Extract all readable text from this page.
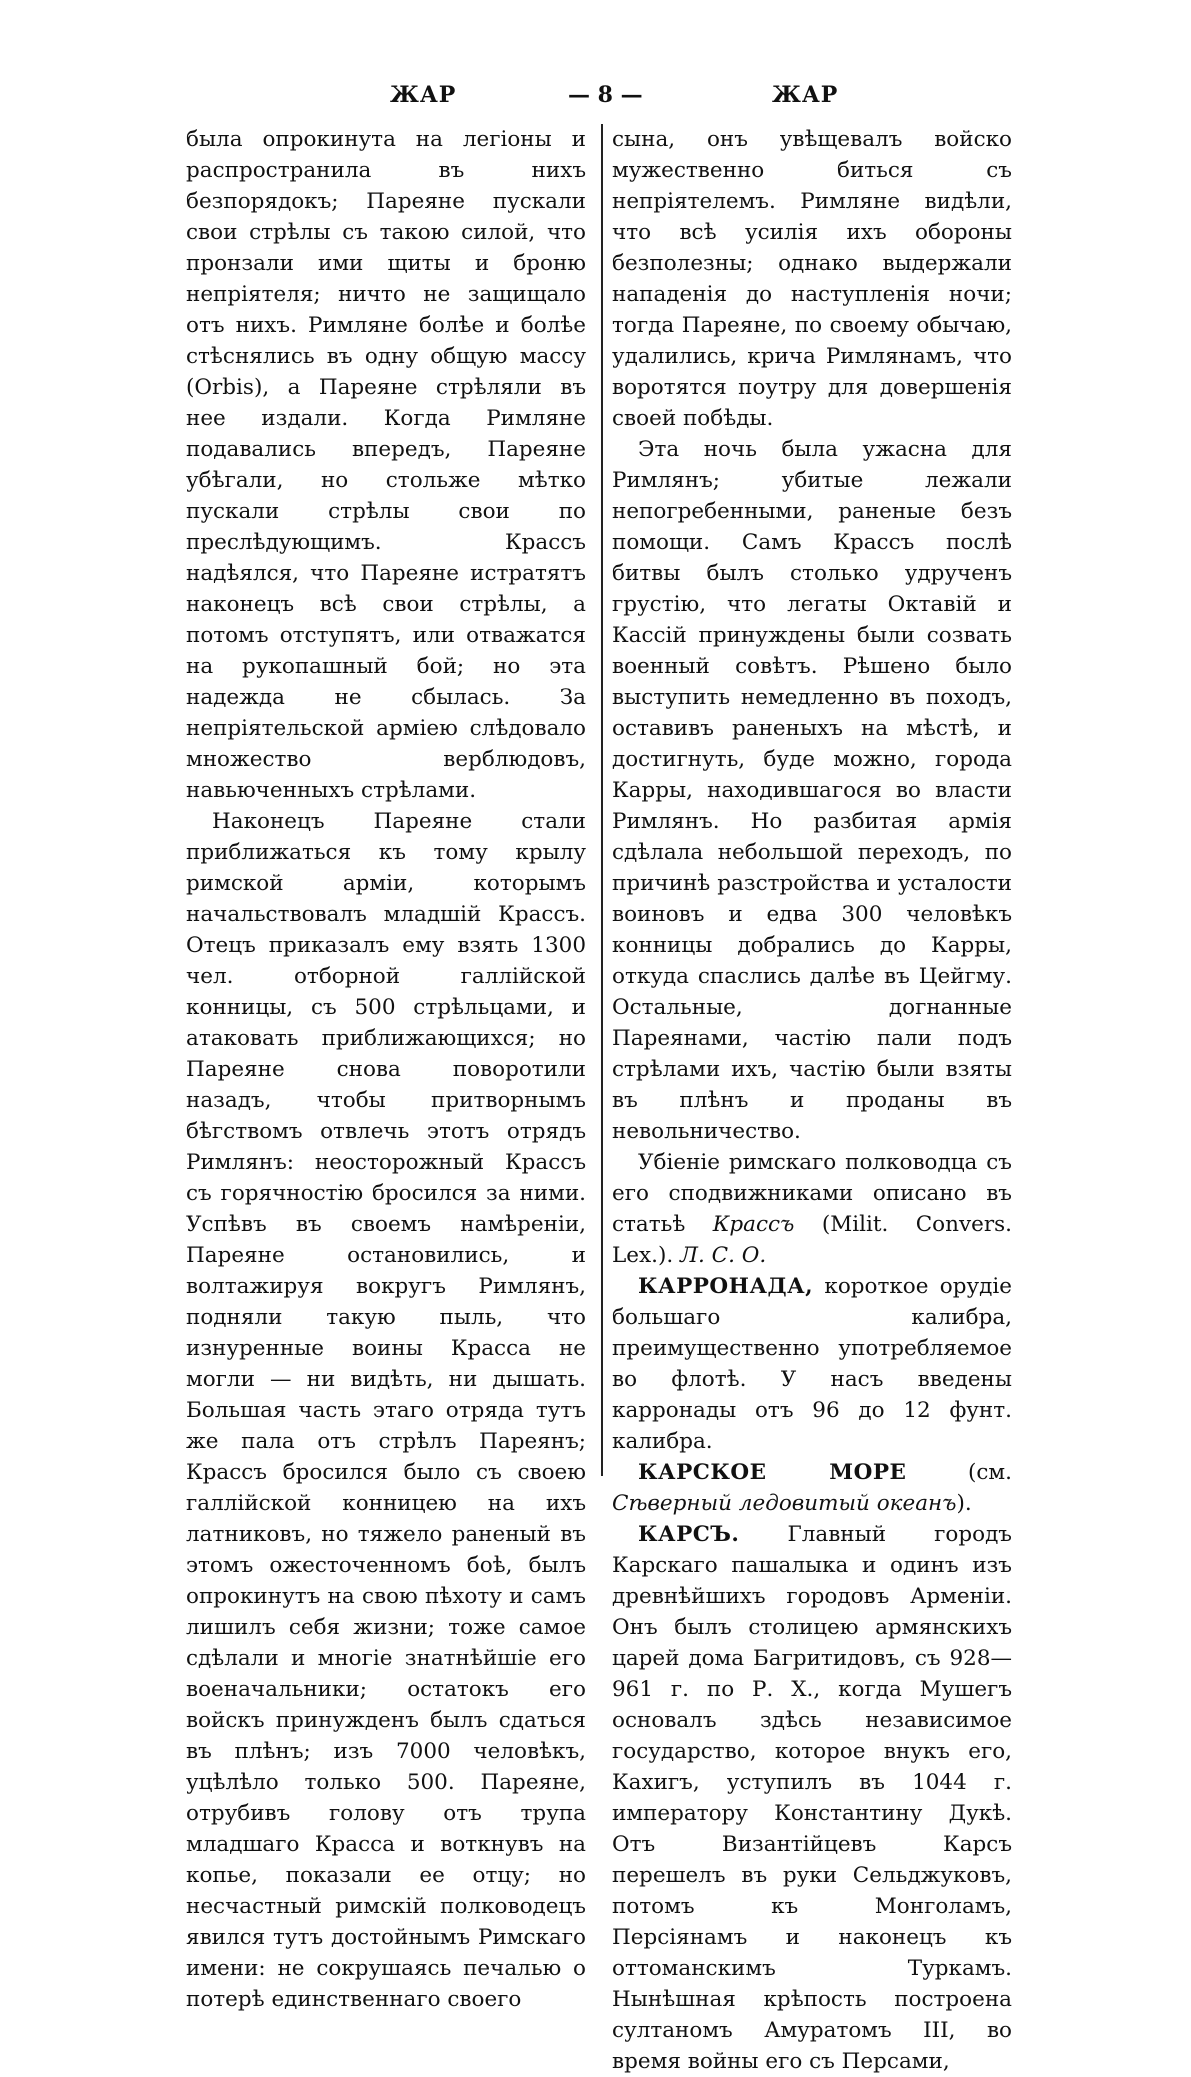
ЖАР	— 8 —	ЖАР

была опрокинута на легіоны и распространила въ нихъ безпорядокъ; Пареяне пускали свои стрѣлы съ такою силой, что пронзали ими щиты и броню непріятеля; ничто не защищало отъ нихъ. Римляне болѣе и болѣе стѣснялись въ одну общую массу (Orbis), а Пареяне стрѣляли въ нее издали. Когда Римляне подавались впередъ, Пареяне убѣгали, но стольже мѣтко пускали стрѣлы свои по преслѣдующимъ. Крассъ надѣялся, что Пареяне истратятъ наконецъ всѣ свои стрѣлы, а потомъ отступятъ, или отважатся на рукопашный бой; но эта надежда не сбылась. За непріятельской арміею слѣдовало множество верблюдовъ, навьюченныхъ стрѣлами.

Наконецъ Пареяне стали приближаться къ тому крылу римской арміи, которымъ начальствовалъ младшій Крассъ. Отецъ приказалъ ему взять 1300 чел. отборной галлійской конницы, съ 500 стрѣльцами, и атаковать приближающихся; но Пареяне снова поворотили назадъ, чтобы притворнымъ бѣгствомъ отвлечь этотъ отрядъ Римлянъ: неосторожный Крассъ съ горячностію бросился за ними. Успѣвъ въ своемъ намѣреніи, Пареяне остановились, и волтажируя вокругъ Римлянъ, подняли такую пыль, что изнуренные воины Красса не могли — ни видѣть, ни дышать. Большая часть этаго отряда тутъ же пала отъ стрѣлъ Пареянъ; Крассъ бросился было съ своею галлійской конницею на ихъ латниковъ, но тяжело раненый въ этомъ ожесточенномъ боѣ, былъ опрокинутъ на свою пѣхоту и самъ лишилъ себя жизни; тоже самое сдѣлали и многіе знатнѣйшіе его военачальники; остатокъ его войскъ принужденъ былъ сдаться въ плѣнъ; изъ 7000 человѣкъ, уцѣлѣло только 500. Пареяне, отрубивъ голову отъ трупа младшаго Красса и воткнувъ на копье, показали ее отцу; но несчастный римскій полководецъ явился тутъ достойнымъ Римскаго имени: не сокрушаясь печалью о потерѣ единственнаго своего

сына, онъ увѣщевалъ войско мужественно биться съ непріятелемъ. Римляне видѣли, что всѣ усилія ихъ обороны безполезны; однако выдержали нападенія до наступленія ночи; тогда Пареяне, по своему обычаю, удалились, крича Римлянамъ, что воротятся поутру для довершенія своей побѣды.

Эта ночь была ужасна для Римлянъ; убитые лежали непогребенными, раненые безъ помощи. Самъ Крассъ послѣ битвы былъ столько удрученъ грустію, что легаты Октавій и Кассій принуждены были созвать военный совѣтъ. Рѣшено было выступить немедленно въ походъ, оставивъ раненыхъ на мѣстѣ, и достигнуть, буде можно, города Карры, находившагося во власти Римлянъ. Но разбитая армія сдѣлала небольшой переходъ, по причинѣ разстройства и усталости воиновъ и едва 300 человѣкъ конницы добрались до Карры, откуда спаслись далѣе въ Цейгму. Остальные, догнанные Пареянами, частію пали подъ стрѣлами ихъ, частію были взяты въ плѣнъ и проданы въ невольничество.

Убіеніе римскаго полководца съ его сподвижниками описано въ статьѣ Крассъ (Milit. Convers. Lex.). Л. С. О.

КАРРОНАДА, короткое орудіе большаго калибра, преимущественно употребляемое во флотѣ. У насъ введены карронады отъ 96 до 12 фунт. калибра.

КАРСКОЕ МОРЕ	(см. Сѣверный ледовитый океанъ).

КАРСЪ. Главный городъ Карскаго пашалыка и одинъ изъ древнѣйшихъ городовъ Арменіи. Онъ былъ столицею армянскихъ царей дома Багритидовъ, съ 928—961 г. по Р. Х., когда Мушегъ основалъ здѣсь независимое государство, которое внукъ его, Кахигъ, уступилъ въ 1044 г. императору Константину Дукѣ. Отъ Византійцевъ Карсъ перешелъ въ руки Сельджуковъ, потомъ къ Монголамъ, Персіянамъ и наконецъ къ оттоманскимъ Туркамъ. Нынѣшная крѣпость построена султаномъ Амуратомъ III, во время войны его съ Персами,
